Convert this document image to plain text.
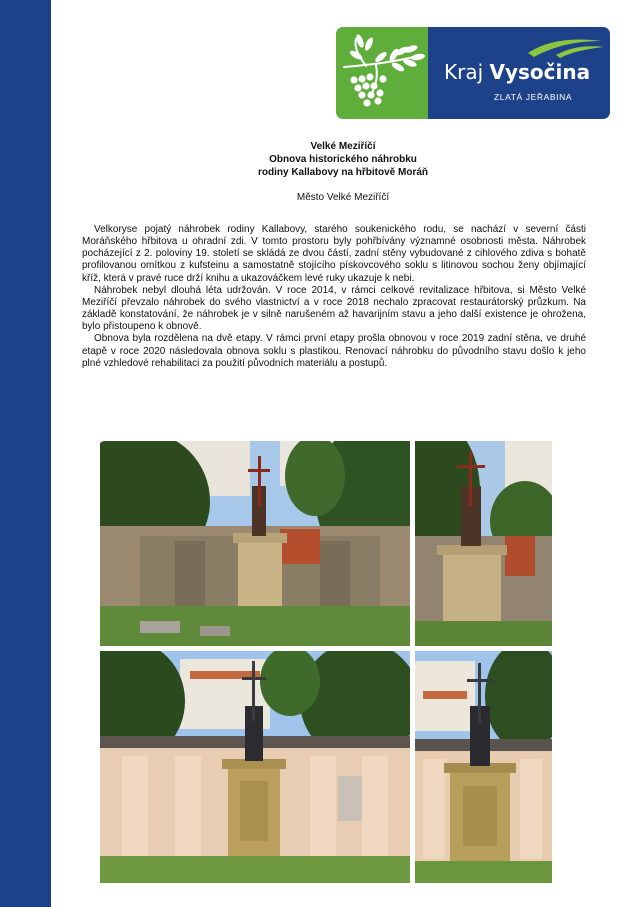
Kraj Vysočina
ZLATÁ JEŘABINA
Velké Meziříčí
Obnova historického náhrobku
rodiny Kallabovy na hřbitově Moráň
Město Velké Meziříčí

Velkoryse pojatý náhrobek rodiny Kallabovy, starého soukenického rodu, se nachází v severní části Moráňského hřbitova u ohradní zdi. V tomto prostoru byly pohřbívány významné osobnosti města. Náhrobek pocházející z 2. poloviny 19. století se skládá ze dvou částí, zadní stěny vybudované z cihlového zdiva s bohatě profilovanou omítkou z kufsteinu a samostatně stojícího pískovcového soklu s litinovou sochou ženy objímající kříž, která v pravé ruce drží knihu a ukazováčkem levé ruky ukazuje k nebi.

Náhrobek nebyl dlouhá léta udržován. V roce 2014, v rámci celkové revitalizace hřbitova, si Město Velké Meziříčí převzalo náhrobek do svého vlastnictví a v roce 2018 nechalo zpracovat restaurátorský průzkum. Na základě konstatování, že náhrobek je v silně narušeném až havarijním stavu a jeho další existence je ohrožena, bylo přistoupeno k obnově.

Obnova byla rozdělena na dvě etapy. V rámci první etapy prošla obnovou v roce 2019 zadní stěna, ve druhé etapě v roce 2020 následovala obnova soklu s plastikou. Renovací náhrobku do původního stavu došlo k jeho plné vzhledové rehabilitaci za použití původních materiálu a postupů.
